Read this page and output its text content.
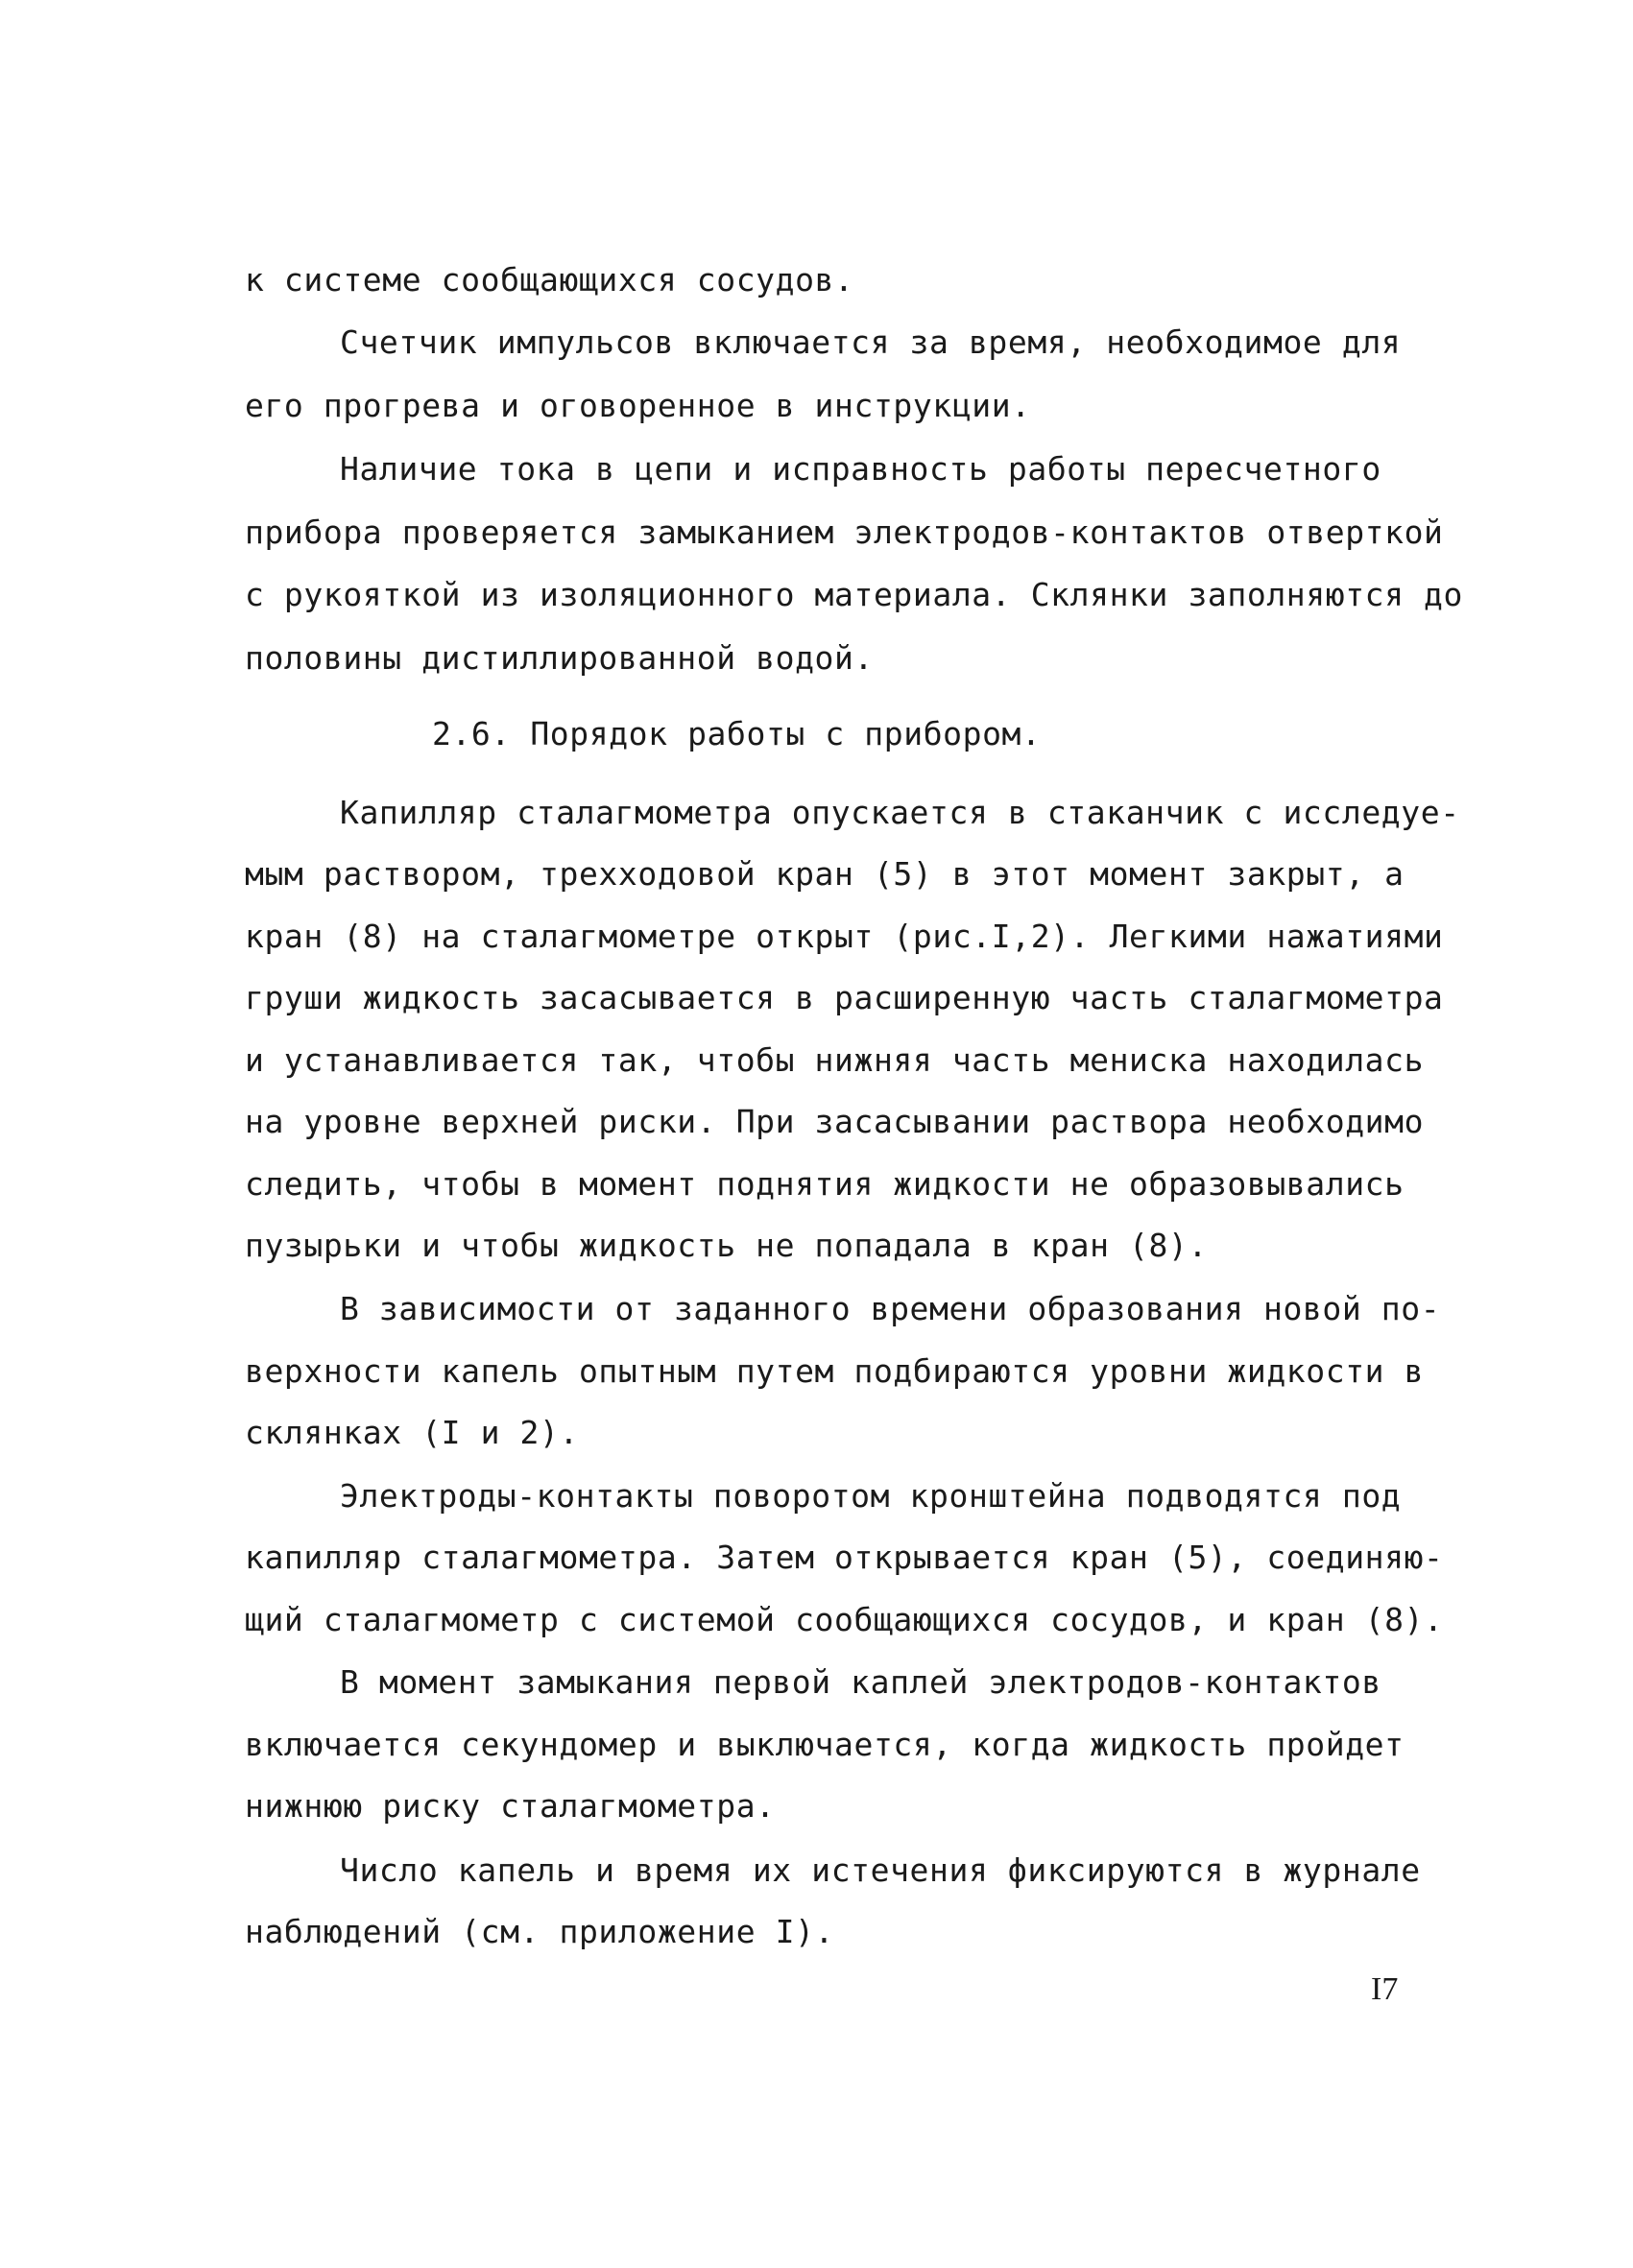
к системе сообщающихся сосудов.
Счетчик импульсов включается за время, необходимое для
его прогрева и оговоренное в инструкции.
Наличие тока в цепи и исправность работы пересчетного
прибора проверяется замыканием электродов-контактов отверткой
с рукояткой из изоляционного материала. Склянки заполняются до
половины дистиллированной водой.
2.6. Порядок работы с прибором.
Капилляр сталагмометра опускается в стаканчик с исследуе-
мым раствором, трехходовой кран (5) в этот момент закрыт, а
кран (8) на сталагмометре открыт (рис.I,2). Легкими нажатиями
груши жидкость засасывается в расширенную часть сталагмометра
и устанавливается так, чтобы нижняя часть мениска находилась
на уровне верхней риски. При засасывании раствора необходимо
следить, чтобы в момент поднятия жидкости не образовывались
пузырьки и чтобы жидкость не попадала в кран (8).
В зависимости от заданного времени образования новой по-
верхности капель опытным путем подбираются уровни жидкости в
склянках (I и 2).
Электроды-контакты поворотом кронштейна подводятся под
капилляр сталагмометра. Затем открывается кран (5), соединяю-
щий сталагмометр с системой сообщающихся сосудов, и кран (8).
В момент замыкания первой каплей электродов-контактов
включается секундомер и выключается, когда жидкость пройдет
нижнюю риску сталагмометра.
Число капель и время их истечения фиксируются в журнале
наблюдений (см. приложение I).
I7
